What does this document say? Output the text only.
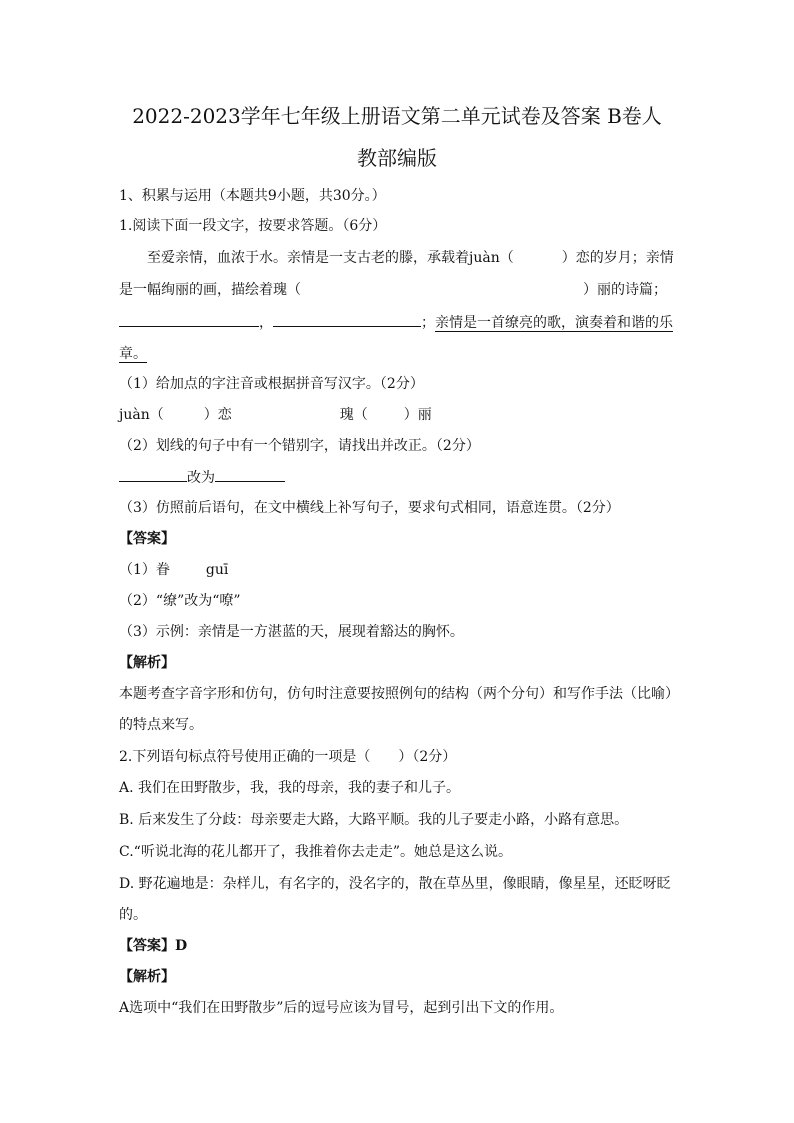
2022-2023学年七年级上册语文第二单元试卷及答案 B卷人
教部编版
1、积累与运用（本题共9小题，共30分。）
1.阅读下面一段文字，按要求答题。（6分）
至爱亲情，血浓于水。亲情是一支古老的滕，承载着juàn（	）恋的岁月；亲情
是一幅绚丽的画，描绘着瑰（	）丽的诗篇；
，	；亲情是一首缭亮的歌，演奏着和谐的乐
章。
（1）给加点的字注音或根据拼音写汉字。（2分）
juàn（	）恋	瑰（	）丽
（2）划线的句子中有一个错别字，请找出并改正。（2分）
改为
（3）仿照前后语句，在文中横线上补写句子，要求句式相同，语意连贯。（2分）
【答案】
（1）眷	guī
（2）“缭”改为“嘹”
（3）示例：亲情是一方湛蓝的天，展现着豁达的胸怀。
【解析】
本题考查字音字形和仿句，仿句时注意要按照例句的结构（两个分句）和写作手法（比喻）
的特点来写。
2.下列语句标点符号使用正确的一项是（　　）（2分）
A. 我们在田野散步，我，我的母亲，我的妻子和儿子。
B. 后来发生了分歧：母亲要走大路，大路平顺。我的儿子要走小路，小路有意思。
C.“听说北海的花儿都开了，我推着你去走走”。她总是这么说。
D. 野花遍地是：杂样儿，有名字的，没名字的，散在草丛里，像眼睛，像星星，还眨呀眨
的。
【答案】D
【解析】
A选项中“我们在田野散步”后的逗号应该为冒号，起到引出下文的作用。
